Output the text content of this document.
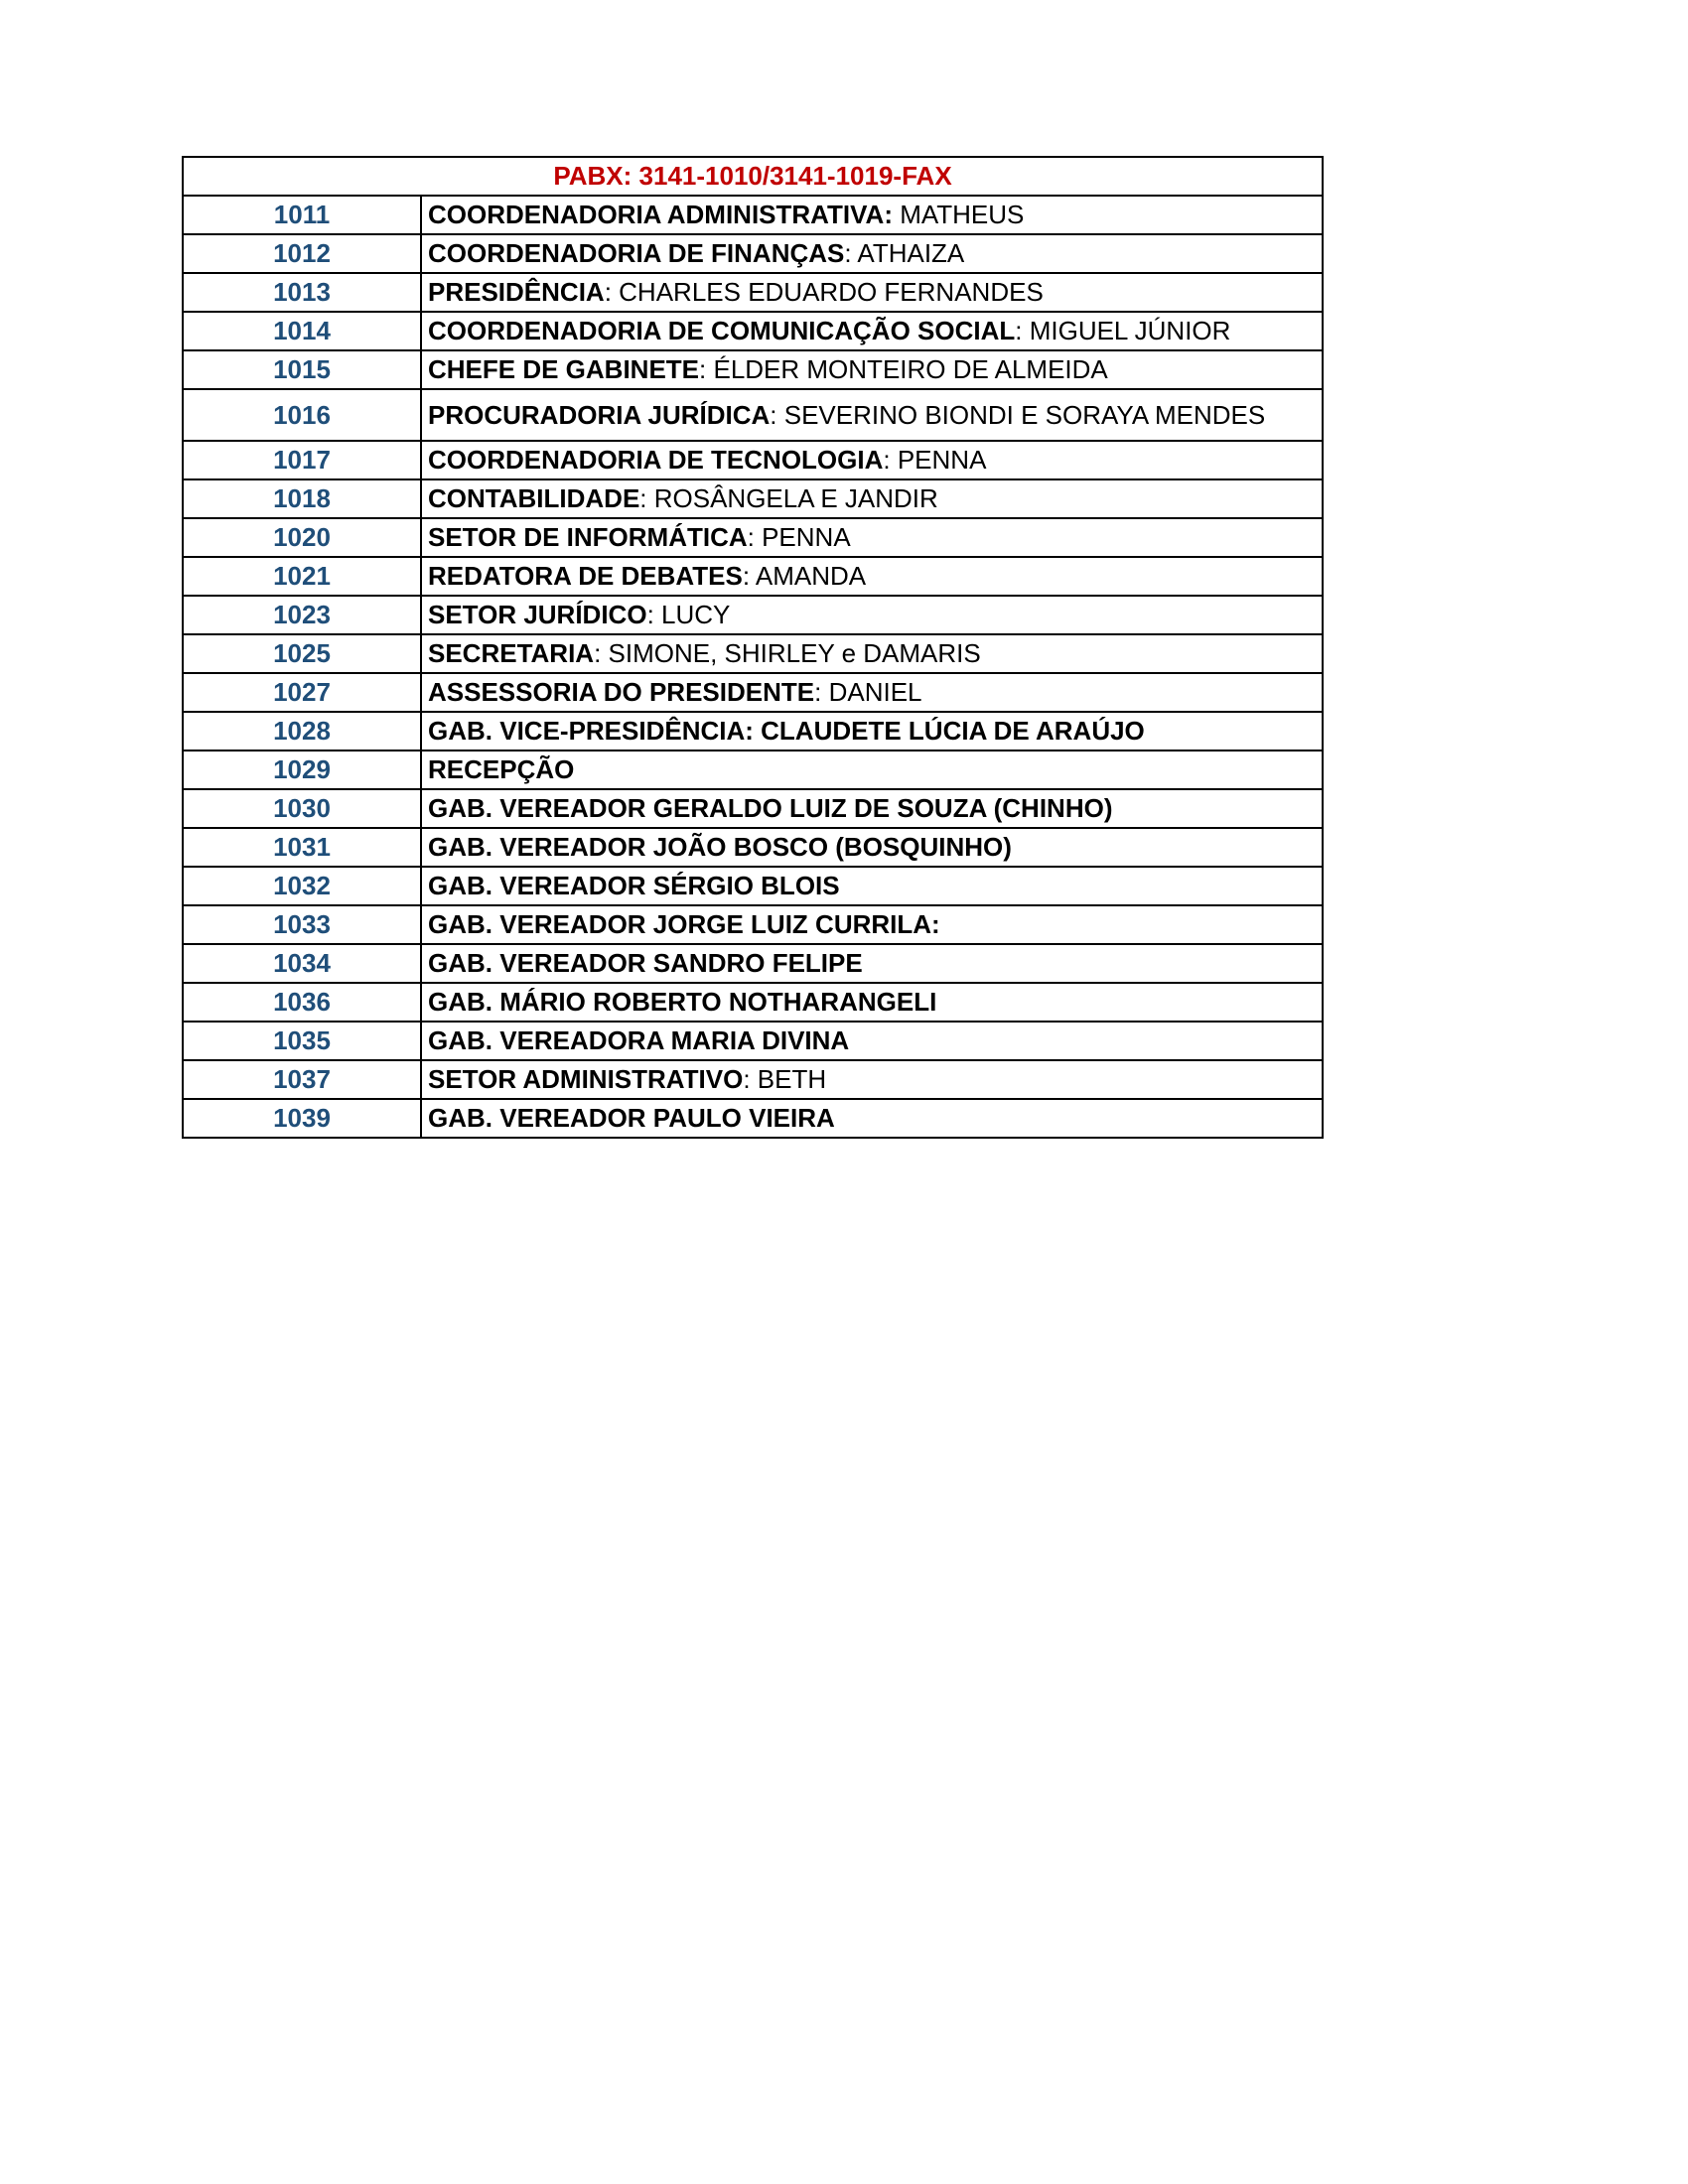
PABX: 3141-1010/3141-1019-FAX	
1011	COORDENADORIA ADMINISTRATIVA: MATHEUS
1012	COORDENADORIA DE FINANÇAS: ATHAIZA
1013	PRESIDÊNCIA: CHARLES EDUARDO FERNANDES
1014	COORDENADORIA DE COMUNICAÇÃO SOCIAL: MIGUEL JÚNIOR
1015	CHEFE DE GABINETE: ÉLDER MONTEIRO DE ALMEIDA
1016	PROCURADORIA JURÍDICA: SEVERINO BIONDI E SORAYA MENDES
1017	COORDENADORIA DE TECNOLOGIA: PENNA
1018	CONTABILIDADE: ROSÂNGELA E JANDIR
1020	SETOR DE INFORMÁTICA: PENNA
1021	REDATORA DE DEBATES: AMANDA
1023	SETOR JURÍDICO: LUCY
1025	SECRETARIA: SIMONE, SHIRLEY e DAMARIS
1027	ASSESSORIA DO PRESIDENTE: DANIEL
1028	GAB. VICE-PRESIDÊNCIA: CLAUDETE LÚCIA DE ARAÚJO
1029	RECEPÇÃO
1030	GAB. VEREADOR GERALDO LUIZ DE SOUZA (CHINHO)
1031	GAB. VEREADOR JOÃO BOSCO (BOSQUINHO)
1032	GAB. VEREADOR SÉRGIO BLOIS
1033	GAB. VEREADOR JORGE LUIZ CURRILA:
1034	GAB. VEREADOR SANDRO FELIPE
1036	GAB. MÁRIO ROBERTO NOTHARANGELI
1035	GAB. VEREADORA MARIA DIVINA
1037	SETOR ADMINISTRATIVO: BETH
1039	GAB. VEREADOR PAULO VIEIRA
